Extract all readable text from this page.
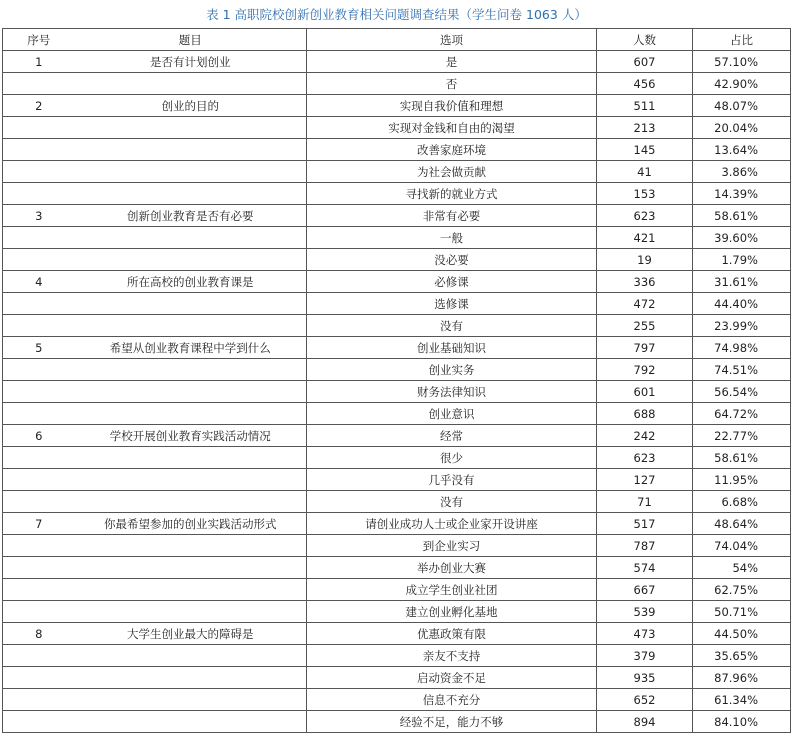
表 1 高职院校创新创业教育相关问题调查结果（学生问卷 1063 人）
序号	题目	选项	人数	占比
1	是否有计划创业	是	607	57.10%
		否	456	42.90%
2	创业的目的	实现自我价值和理想	511	48.07%
		实现对金钱和自由的渴望	213	20.04%
		改善家庭环境	145	13.64%
		为社会做贡献	41	3.86%
		寻找新的就业方式	153	14.39%
3	创新创业教育是否有必要	非常有必要	623	58.61%
		一般	421	39.60%
		没必要	19	1.79%
4	所在高校的创业教育课是	必修课	336	31.61%
		选修课	472	44.40%
		没有	255	23.99%
5	希望从创业教育课程中学到什么	创业基础知识	797	74.98%
		创业实务	792	74.51%
		财务法律知识	601	56.54%
		创业意识	688	64.72%
6	学校开展创业教育实践活动情况	经常	242	22.77%
		很少	623	58.61%
		几乎没有	127	11.95%
		没有	71	6.68%
7	你最希望参加的创业实践活动形式	请创业成功人士或企业家开设讲座	517	48.64%
		到企业实习	787	74.04%
		举办创业大赛	574	54%
		成立学生创业社团	667	62.75%
		建立创业孵化基地	539	50.71%
8	大学生创业最大的障碍是	优惠政策有限	473	44.50%
		亲友不支持	379	35.65%
		启动资金不足	935	87.96%
		信息不充分	652	61.34%
		经验不足，能力不够	894	84.10%
